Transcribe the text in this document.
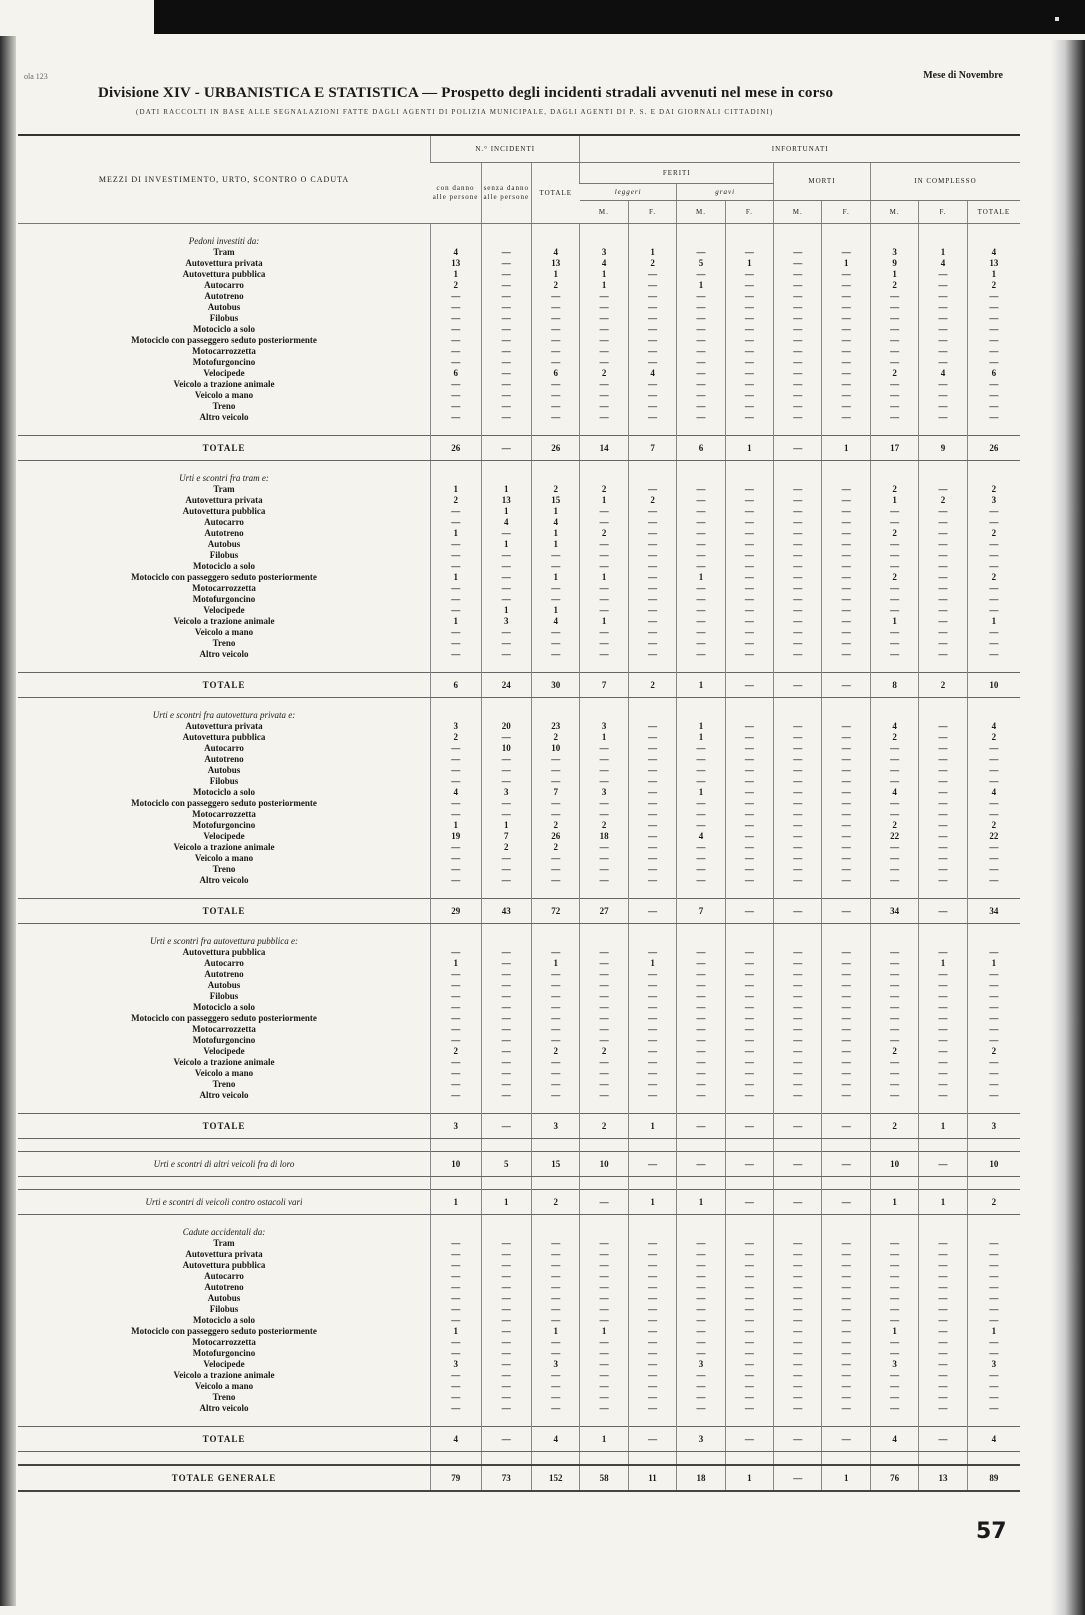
ola 123	Mese di Novembre
Divisione XIV - URBANISTICA E STATISTICA — Prospetto degli incidenti stradali avvenuti nel mese in corso
(DATI RACCOLTI IN BASE ALLE SEGNALAZIONI FATTE DAGLI AGENTI DI POLIZIA MUNICIPALE, DAGLI AGENTI DI P. S. E DAI GIORNALI CITTADINI)
MEZZI DI INVESTIMENTO, URTO, SCONTRO O CADUTA	N.° INCIDENTI			INFORTUNATI								
	con danno alle persone	senza danno alle persone	TOTALE	FERITI				MORTI		IN COMPLESSO		
				leggeri		gravi						
				M.	F.	M.	F.	M.	F.	M.	F.	TOTALE

Pedoni investiti da:												
Tram	4	—	4	3	1	—	—	—	—	3	1	4
Autovettura privata	13	—	13	4	2	5	1	—	1	9	4	13
Autovettura pubblica	1	—	1	1	—	—	—	—	—	1	—	1
Autocarro	2	—	2	1	—	1	—	—	—	2	—	2
Autotreno	—	—	—	—	—	—	—	—	—	—	—	—
Autobus	—	—	—	—	—	—	—	—	—	—	—	—
Filobus	—	—	—	—	—	—	—	—	—	—	—	—
Motociclo a solo	—	—	—	—	—	—	—	—	—	—	—	—
Motociclo con passeggero seduto posteriormente	—	—	—	—	—	—	—	—	—	—	—	—
Motocarrozzetta	—	—	—	—	—	—	—	—	—	—	—	—
Motofurgoncino	—	—	—	—	—	—	—	—	—	—	—	—
Velocipede	6	—	6	2	4	—	—	—	—	2	4	6
Veicolo a trazione animale	—	—	—	—	—	—	—	—	—	—	—	—
Veicolo a mano	—	—	—	—	—	—	—	—	—	—	—	—
Treno	—	—	—	—	—	—	—	—	—	—	—	—
Altro veicolo	—	—	—	—	—	—	—	—	—	—	—	—

TOTALE	26	—	26	14	7	6	1	—	1	17	9	26

Urti e scontri fra tram e:												
Tram	1	1	2	2	—	—	—	—	—	2	—	2
Autovettura privata	2	13	15	1	2	—	—	—	—	1	2	3
Autovettura pubblica	—	1	1	—	—	—	—	—	—	—	—	—
Autocarro	—	4	4	—	—	—	—	—	—	—	—	—
Autotreno	1	—	1	2	—	—	—	—	—	2	—	2
Autobus	—	1	1	—	—	—	—	—	—	—	—	—
Filobus	—	—	—	—	—	—	—	—	—	—	—	—
Motociclo a solo	—	—	—	—	—	—	—	—	—	—	—	—
Motociclo con passeggero seduto posteriormente	1	—	1	1	—	1	—	—	—	2	—	2
Motocarrozzetta	—	—	—	—	—	—	—	—	—	—	—	—
Motofurgoncino	—	—	—	—	—	—	—	—	—	—	—	—
Velocipede	—	1	1	—	—	—	—	—	—	—	—	—
Veicolo a trazione animale	1	3	4	1	—	—	—	—	—	1	—	1
Veicolo a mano	—	—	—	—	—	—	—	—	—	—	—	—
Treno	—	—	—	—	—	—	—	—	—	—	—	—
Altro veicolo	—	—	—	—	—	—	—	—	—	—	—	—

TOTALE	6	24	30	7	2	1	—	—	—	8	2	10

Urti e scontri fra autovettura privata e:												
Autovettura privata	3	20	23	3	—	1	—	—	—	4	—	4
Autovettura pubblica	2	—	2	1	—	1	—	—	—	2	—	2
Autocarro	—	10	10	—	—	—	—	—	—	—	—	—
Autotreno	—	—	—	—	—	—	—	—	—	—	—	—
Autobus	—	—	—	—	—	—	—	—	—	—	—	—
Filobus	—	—	—	—	—	—	—	—	—	—	—	—
Motociclo a solo	4	3	7	3	—	1	—	—	—	4	—	4
Motociclo con passeggero seduto posteriormente	—	—	—	—	—	—	—	—	—	—	—	—
Motocarrozzetta	—	—	—	—	—	—	—	—	—	—	—	—
Motofurgoncino	1	1	2	2	—	—	—	—	—	2	—	2
Velocipede	19	7	26	18	—	4	—	—	—	22	—	22
Veicolo a trazione animale	—	2	2	—	—	—	—	—	—	—	—	—
Veicolo a mano	—	—	—	—	—	—	—	—	—	—	—	—
Treno	—	—	—	—	—	—	—	—	—	—	—	—
Altro veicolo	—	—	—	—	—	—	—	—	—	—	—	—

TOTALE	29	43	72	27	—	7	—	—	—	34	—	34

Urti e scontri fra autovettura pubblica e:												
Autovettura pubblica	—	—	—	—	—	—	—	—	—	—	—	—
Autocarro	1	—	1	—	1	—	—	—	—	—	1	1
Autotreno	—	—	—	—	—	—	—	—	—	—	—	—
Autobus	—	—	—	—	—	—	—	—	—	—	—	—
Filobus	—	—	—	—	—	—	—	—	—	—	—	—
Motociclo a solo	—	—	—	—	—	—	—	—	—	—	—	—
Motociclo con passeggero seduto posteriormente	—	—	—	—	—	—	—	—	—	—	—	—
Motocarrozzetta	—	—	—	—	—	—	—	—	—	—	—	—
Motofurgoncino	—	—	—	—	—	—	—	—	—	—	—	—
Velocipede	2	—	2	2	—	—	—	—	—	2	—	2
Veicolo a trazione animale	—	—	—	—	—	—	—	—	—	—	—	—
Veicolo a mano	—	—	—	—	—	—	—	—	—	—	—	—
Treno	—	—	—	—	—	—	—	—	—	—	—	—
Altro veicolo	—	—	—	—	—	—	—	—	—	—	—	—

TOTALE	3	—	3	2	1	—	—	—	—	2	1	3

Urti e scontri di altri veicoli fra di loro	10	5	15	10	—	—	—	—	—	10	—	10

Urti e scontri di veicoli contro ostacoli vari	1	1	2	—	1	1	—	—	—	1	1	2

Cadute accidentali da:												
Tram	—	—	—	—	—	—	—	—	—	—	—	—
Autovettura privata	—	—	—	—	—	—	—	—	—	—	—	—
Autovettura pubblica	—	—	—	—	—	—	—	—	—	—	—	—
Autocarro	—	—	—	—	—	—	—	—	—	—	—	—
Autotreno	—	—	—	—	—	—	—	—	—	—	—	—
Autobus	—	—	—	—	—	—	—	—	—	—	—	—
Filobus	—	—	—	—	—	—	—	—	—	—	—	—
Motociclo a solo	—	—	—	—	—	—	—	—	—	—	—	—
Motociclo con passeggero seduto posteriormente	1	—	1	1	—	—	—	—	—	1	—	1
Motocarrozzetta	—	—	—	—	—	—	—	—	—	—	—	—
Motofurgoncino	—	—	—	—	—	—	—	—	—	—	—	—
Velocipede	3	—	3	—	—	3	—	—	—	3	—	3
Veicolo a trazione animale	—	—	—	—	—	—	—	—	—	—	—	—
Veicolo a mano	—	—	—	—	—	—	—	—	—	—	—	—
Treno	—	—	—	—	—	—	—	—	—	—	—	—
Altro veicolo	—	—	—	—	—	—	—	—	—	—	—	—

TOTALE	4	—	4	1	—	3	—	—	—	4	—	4

TOTALE GENERALE	79	73	152	58	11	18	1	—	1	76	13	89
57
